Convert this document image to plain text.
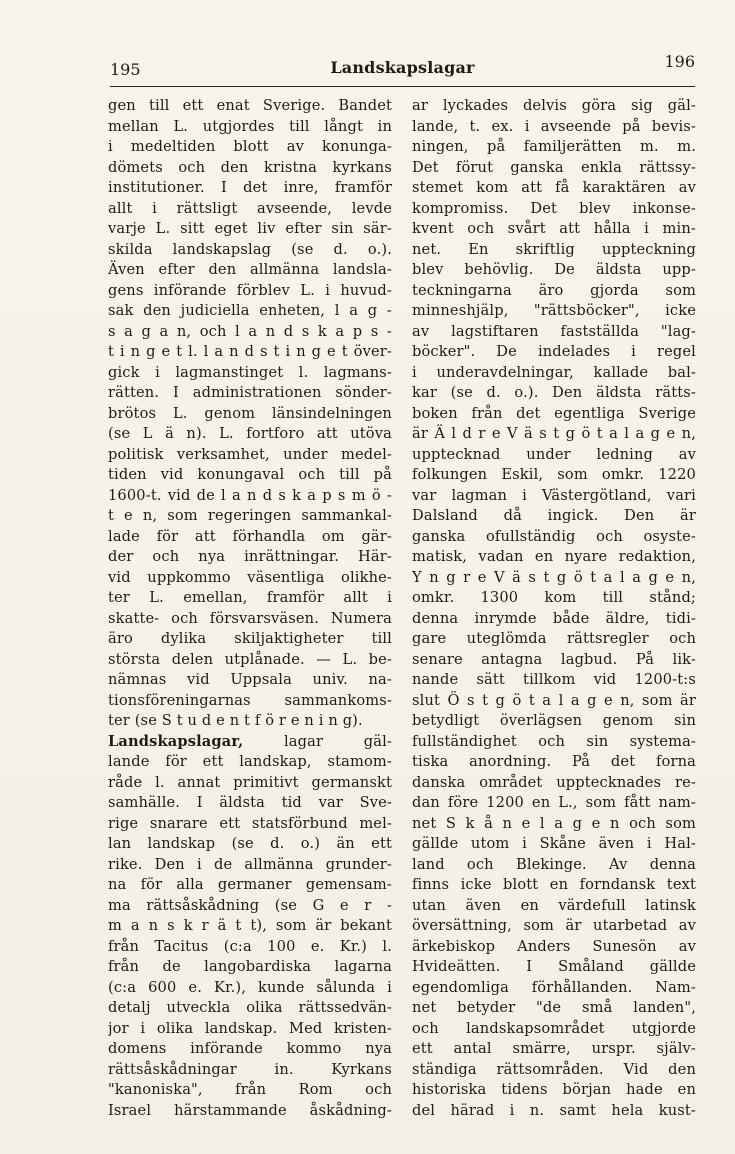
195	Landskapslagar	196
gen till ett enat Sverige. Bandet
mellan L. utgjordes till långt in
i medeltiden blott av konunga-
dömets och den kristna kyrkans
institutioner. I det inre, framför
allt i rättsligt avseende, levde
varje L. sitt eget liv efter sin sär-
skilda landskapslag (se d. o.).
Även efter den allmänna landsla-
gens införande förblev L. i huvud-
sak den judiciella enheten, l a g -
s a g a n, och l a n d s k a p s -
t i n g e t l. l a n d s t i n g e t över-
gick i lagmanstinget l. lagmans-
rätten. I administrationen sönder-
brötos L. genom länsindelningen
(se L ä n). L. fortforo att utöva
politisk verksamhet, under medel-
tiden vid konungaval och till på
1600-t. vid de l a n d s k a p s m ö -
t e n, som regeringen sammankal-
lade för att förhandla om gär-
der och nya inrättningar. Här-
vid uppkommo väsentliga olikhe-
ter L. emellan, framför allt i
skatte- och försvarsväsen. Numera
äro dylika skiljaktigheter till
största delen utplånade. — L. be-
nämnas vid Uppsala univ. na-
tionsföreningarnas sammankoms-
ter (se S t u d e n t f ö r e n i n g).
Landskapslagar, lagar gäl-
lande för ett landskap, stamom-
råde l. annat primitivt germanskt
samhälle. I äldsta tid var Sve-
rige snarare ett statsförbund mel-
lan landskap (se d. o.) än ett
rike. Den i de allmänna grunder-
na för alla germaner gemensam-
ma rättsåskådning (se G e r -
m a n s k r ä t t), som är bekant
från Tacitus (c:a 100 e. Kr.) l.
från de langobardiska lagarna
(c:a 600 e. Kr.), kunde sålunda i
detalj utveckla olika rättssedvän-
jor i olika landskap. Med kristen-
domens införande kommo nya
rättsåskådningar in. Kyrkans
"kanoniska", från Rom och
Israel härstammande åskådning-
ar lyckades delvis göra sig gäl-
lande, t. ex. i avseende på bevis-
ningen, på familjerätten m. m.
Det förut ganska enkla rättssy-
stemet kom att få karaktären av
kompromiss. Det blev inkonse-
kvent och svårt att hålla i min-
net. En skriftlig uppteckning
blev behövlig. De äldsta upp-
teckningarna äro gjorda som
minneshjälp, "rättsböcker", icke
av lagstiftaren fastställda "lag-
böcker". De indelades i regel
i underavdelningar, kallade bal-
kar (se d. o.). Den äldsta rätts-
boken från det egentliga Sverige
är Ä l d r e V ä s t g ö t a l a g e n,
upptecknad under ledning av
folkungen Eskil, som omkr. 1220
var lagman i Västergötland, vari
Dalsland då ingick. Den är
ganska ofullständig och osyste-
matisk, vadan en nyare redaktion,
Y n g r e V ä s t g ö t a l a g e n,
omkr. 1300 kom till stånd;
denna inrymde både äldre, tidi-
gare uteglömda rättsregler och
senare antagna lagbud. På lik-
nande sätt tillkom vid 1200-t:s
slut Ö s t g ö t a l a g e n, som är
betydligt överlägsen genom sin
fullständighet och sin systema-
tiska anordning. På det forna
danska området upptecknades re-
dan före 1200 en L., som fått nam-
net S k å n e l a g e n och som
gällde utom i Skåne även i Hal-
land och Blekinge. Av denna
finns icke blott en forndansk text
utan även en värdefull latinsk
översättning, som är utarbetad av
ärkebiskop Anders Sunesön av
Hvideätten. I Småland gällde
egendomliga förhållanden. Nam-
net betyder "de små landen",
och landskapsområdet utgjorde
ett antal smärre, urspr. själv-
ständiga rättsområden. Vid den
historiska tidens början hade en
del härad i n. samt hela kust-
